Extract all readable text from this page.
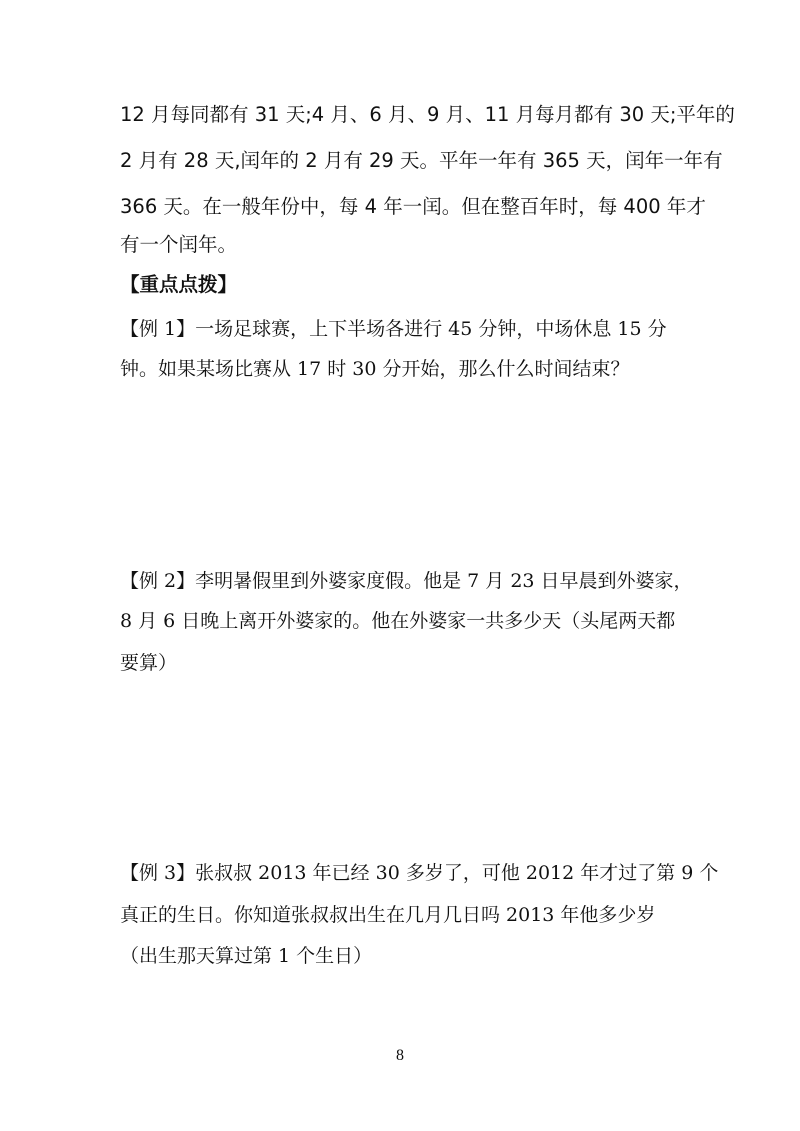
12 月每同都有 31 天;4 月、6 月、9 月、11 月每月都有 30 天;平年的
2 月有 28 天,闰年的 2 月有 29 天。平年一年有 365 天，闰年一年有
366 天。在一般年份中，每 4 年一闰。但在整百年时，每 400 年才
有一个闰年。
【重点点拨】
【例 1】一场足球赛，上下半场各进行 45 分钟，中场休息 15 分
钟。如果某场比赛从 17 时 30 分开始，那么什么时间结束？
【例 2】李明暑假里到外婆家度假。他是 7 月 23 日早晨到外婆家，
8 月 6 日晚上离开外婆家的。他在外婆家一共多少天（头尾两天都
要算）
【例 3】张叔叔 2013 年已经 30 多岁了，可他 2012 年才过了第 9 个
真正的生日。你知道张叔叔出生在几月几日吗 2013 年他多少岁
（出生那天算过第 1 个生日）
8
